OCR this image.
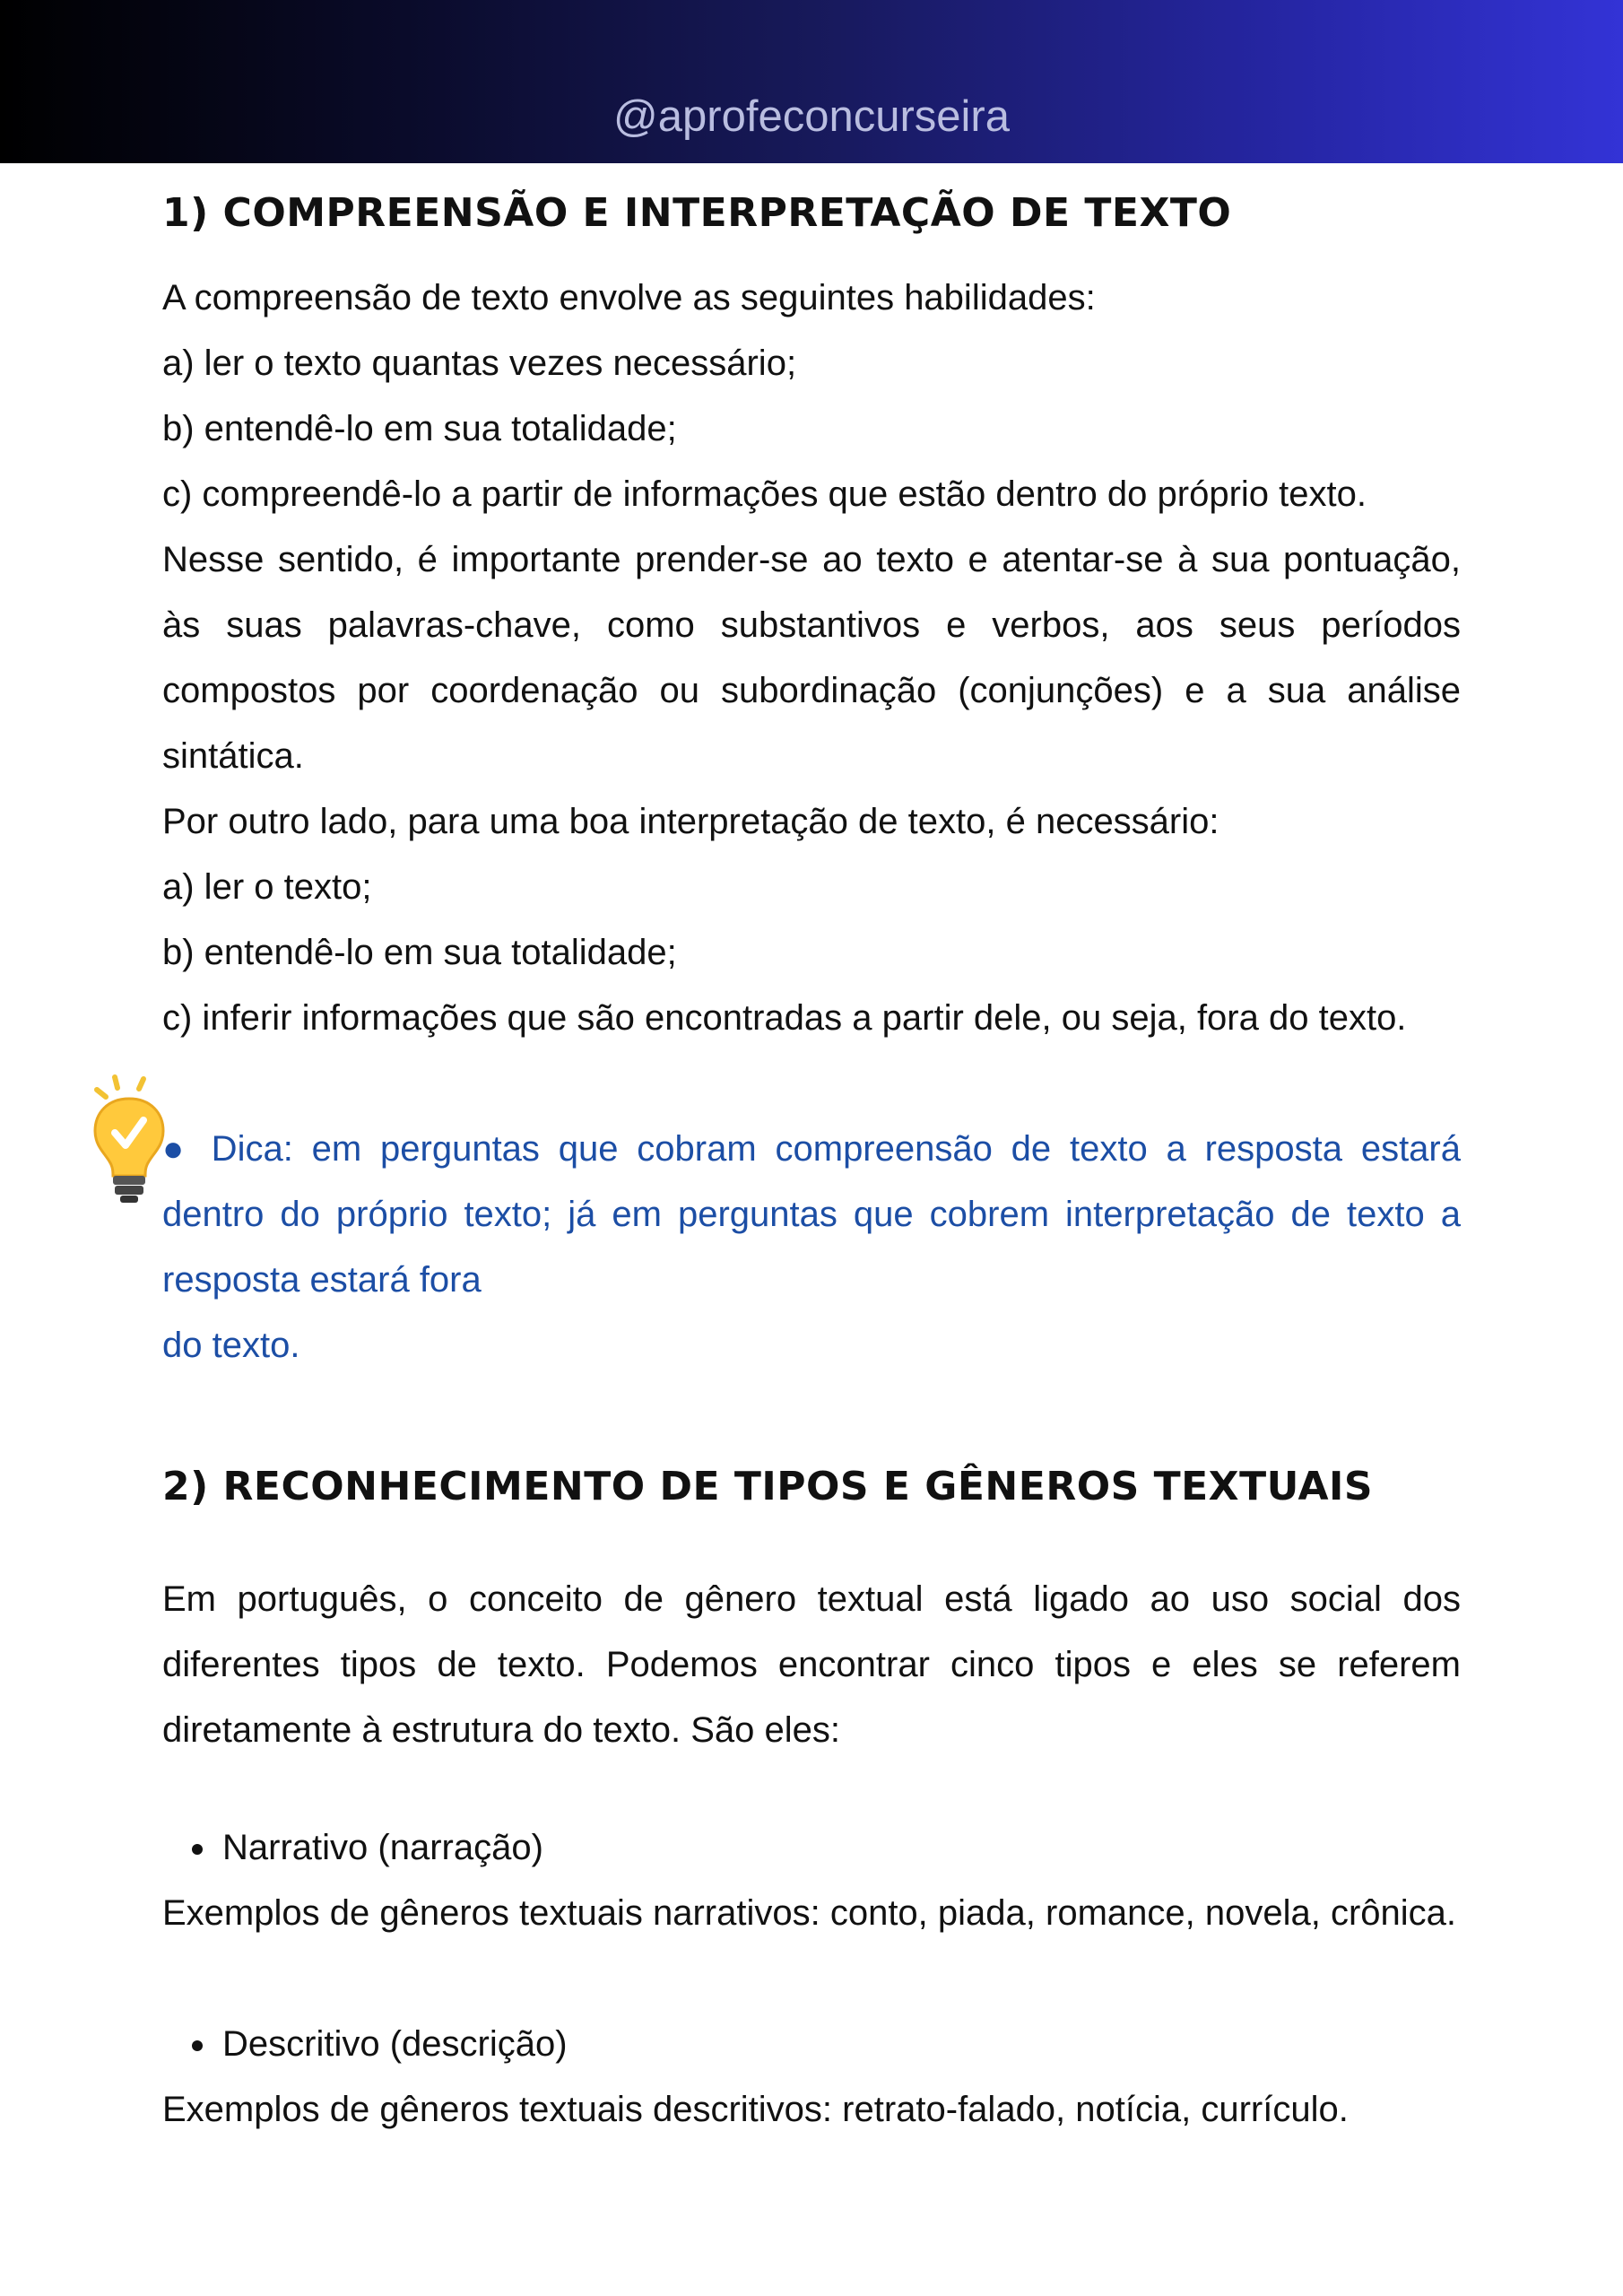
@aprofeconcurseira
1) COMPREENSÃO E INTERPRETAÇÃO DE TEXTO
A compreensão de texto envolve as seguintes habilidades:
a) ler o texto quantas vezes necessário;
b) entendê-lo em sua totalidade;
c) compreendê-lo a partir de informações que estão dentro do próprio texto.
Nesse sentido, é importante prender-se ao texto e atentar-se à sua pontuação, às suas palavras-chave, como substantivos e verbos, aos seus períodos compostos por coordenação ou subordinação (conjunções) e a sua análise sintática.
Por outro lado, para uma boa interpretação de texto, é necessário:
a) ler o texto;
b) entendê-lo em sua totalidade;
c) inferir informações que são encontradas a partir dele, ou seja, fora do texto.
● Dica: em perguntas que cobram compreensão de texto a resposta estará dentro do próprio texto; já em perguntas que cobrem interpretação de texto a resposta estará fora
do texto.
2) RECONHECIMENTO DE TIPOS E GÊNEROS TEXTUAIS
Em português, o conceito de gênero textual está ligado ao uso social dos diferentes tipos de texto. Podemos encontrar cinco tipos e eles se referem diretamente à estrutura do texto. São eles:
Narrativo (narração)
Exemplos de gêneros textuais narrativos: conto, piada, romance, novela, crônica.
Descritivo (descrição)
Exemplos de gêneros textuais descritivos: retrato-falado, notícia, currículo.
